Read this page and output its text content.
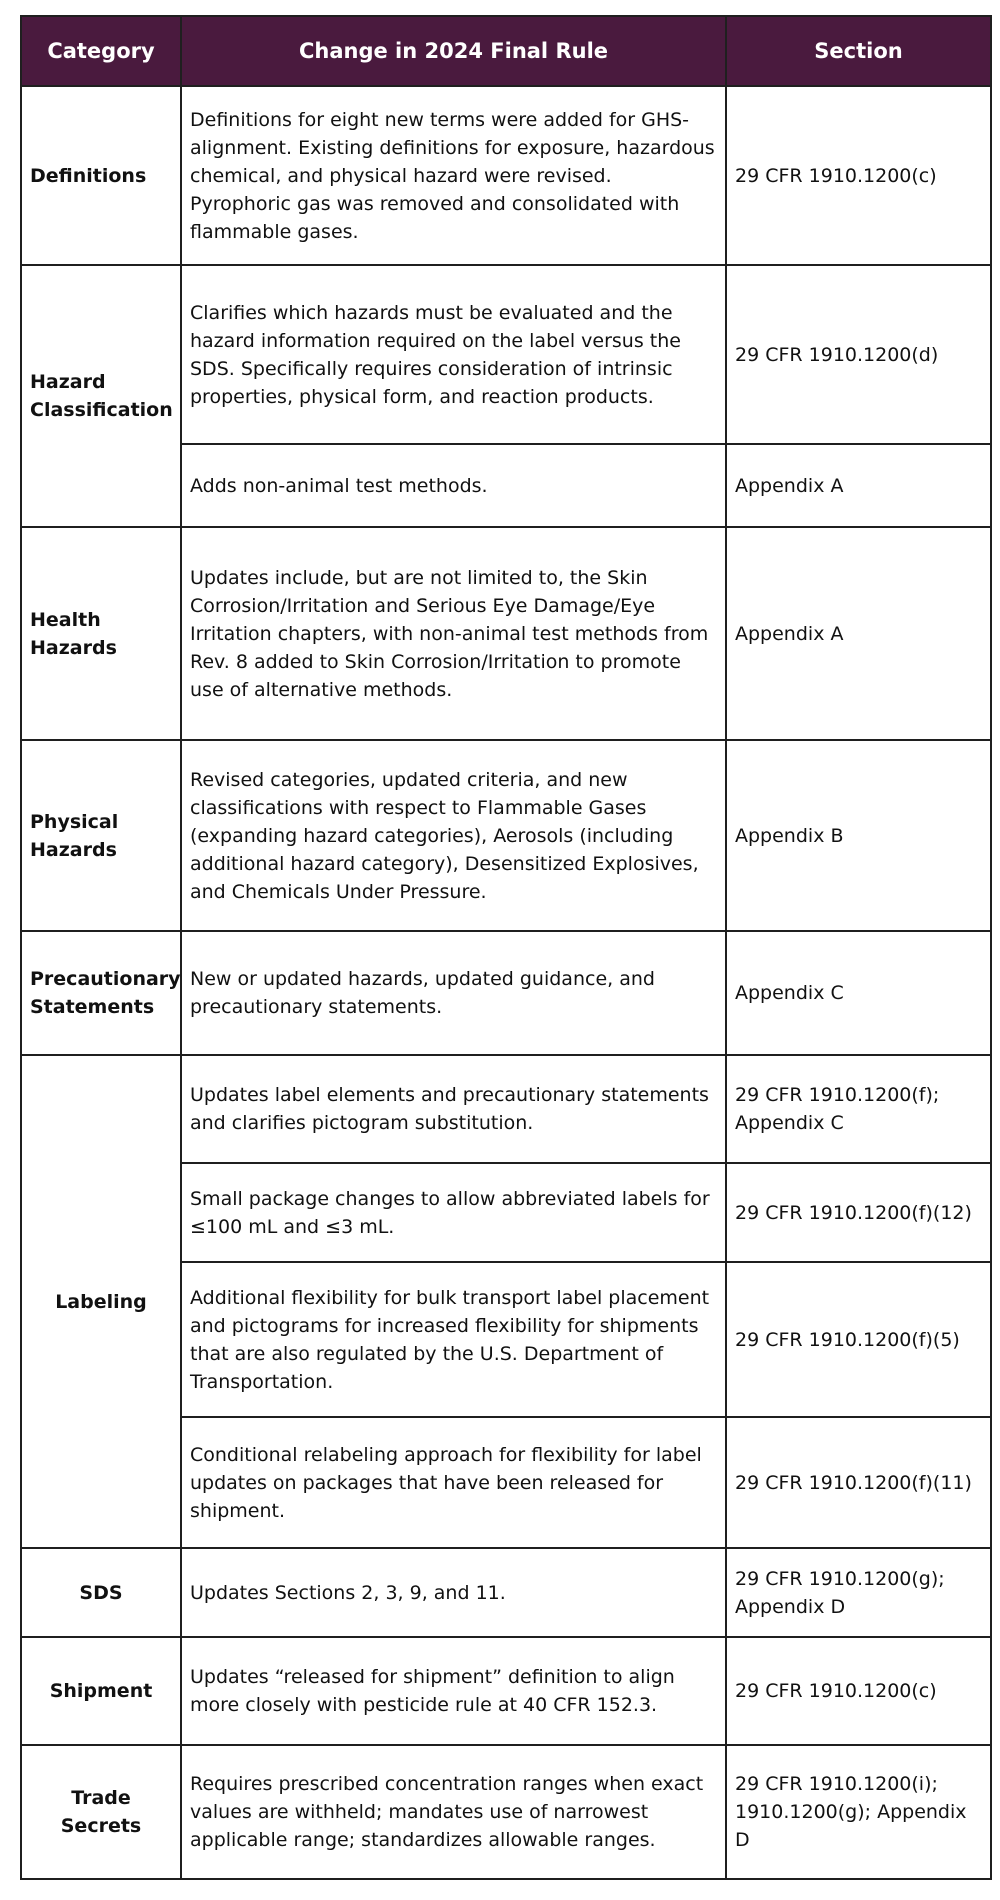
Category	Change in 2024 Final Rule	Section
Definitions	Definitions for eight new terms were added for GHS-alignment. Existing definitions for exposure, hazardous chemical, and physical hazard were revised. Pyrophoric gas was removed and consolidated with flammable gases.	29 CFR 1910.1200(c)
Hazard Classification	Clarifies which hazards must be evaluated and the hazard information required on the label versus the SDS. Specifically requires consideration of intrinsic properties, physical form, and reaction products.	29 CFR 1910.1200(d)
	Adds non-animal test methods.	Appendix A
Health Hazards	Updates include, but are not limited to, the Skin Corrosion/Irritation and Serious Eye Damage/Eye Irritation chapters, with non-animal test methods from Rev. 8 added to Skin Corrosion/Irritation to promote use of alternative methods.	Appendix A
Physical Hazards	Revised categories, updated criteria, and new classifications with respect to Flammable Gases (expanding hazard categories), Aerosols (including additional hazard category), Desensitized Explosives, and Chemicals Under Pressure.	Appendix B
Precautionary Statements	New or updated hazards, updated guidance, and precautionary statements.	Appendix C
Labeling	Updates label elements and precautionary statements and clarifies pictogram substitution.	29 CFR 1910.1200(f); Appendix C
	Small package changes to allow abbreviated labels for ≤100 mL and ≤3 mL.	29 CFR 1910.1200(f)(12)
	Additional flexibility for bulk transport label placement and pictograms for increased flexibility for shipments that are also regulated by the U.S. Department of Transportation.	29 CFR 1910.1200(f)(5)
	Conditional relabeling approach for flexibility for label updates on packages that have been released for shipment.	29 CFR 1910.1200(f)(11)
SDS	Updates Sections 2, 3, 9, and 11.	29 CFR 1910.1200(g); Appendix D
Shipment	Updates “released for shipment” definition to align more closely with pesticide rule at 40 CFR 152.3.	29 CFR 1910.1200(c)
Trade Secrets	Requires prescribed concentration ranges when exact values are withheld; mandates use of narrowest applicable range; standardizes allowable ranges.	29 CFR 1910.1200(i); 1910.1200(g); Appendix D
